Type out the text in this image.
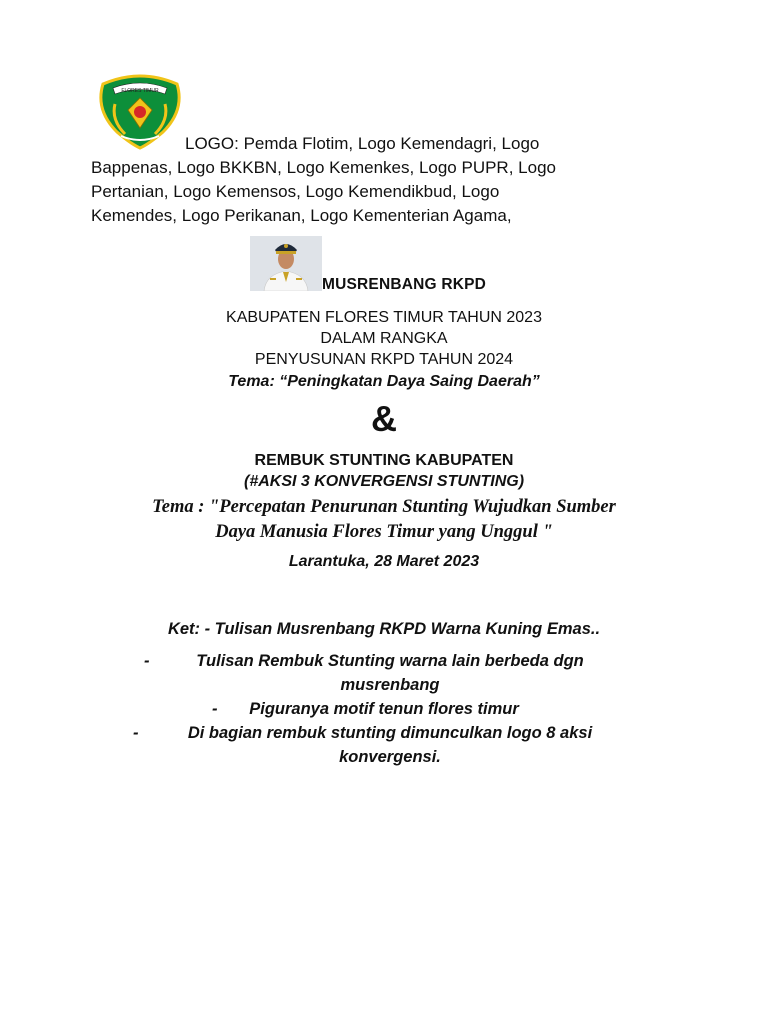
FLORES TIMUR
LOGO: Pemda Flotim, Logo Kemendagri, Logo
Bappenas, Logo BKKBN, Logo Kemenkes, Logo PUPR, Logo
Pertanian, Logo Kemensos, Logo Kemendikbud, Logo
Kemendes, Logo Perikanan, Logo Kementerian Agama,
MUSRENBANG RKPD
KABUPATEN FLORES TIMUR TAHUN 2023
DALAM RANGKA
PENYUSUNAN RKPD TAHUN 2024
Tema: “Peningkatan Daya Saing Daerah”
&
REMBUK STUNTING KABUPATEN
(#AKSI 3 KONVERGENSI STUNTING)
Tema : "Percepatan Penurunan Stunting Wujudkan Sumber
Daya Manusia Flores Timur yang Unggul "
Larantuka, 28 Maret 2023
Ket: - Tulisan Musrenbang RKPD Warna Kuning Emas..
-	Tulisan Rembuk Stunting warna lain berbeda dgn
musrenbang
-	Piguranya motif tenun flores timur
-	Di bagian rembuk stunting dimunculkan logo 8 aksi
konvergensi.
